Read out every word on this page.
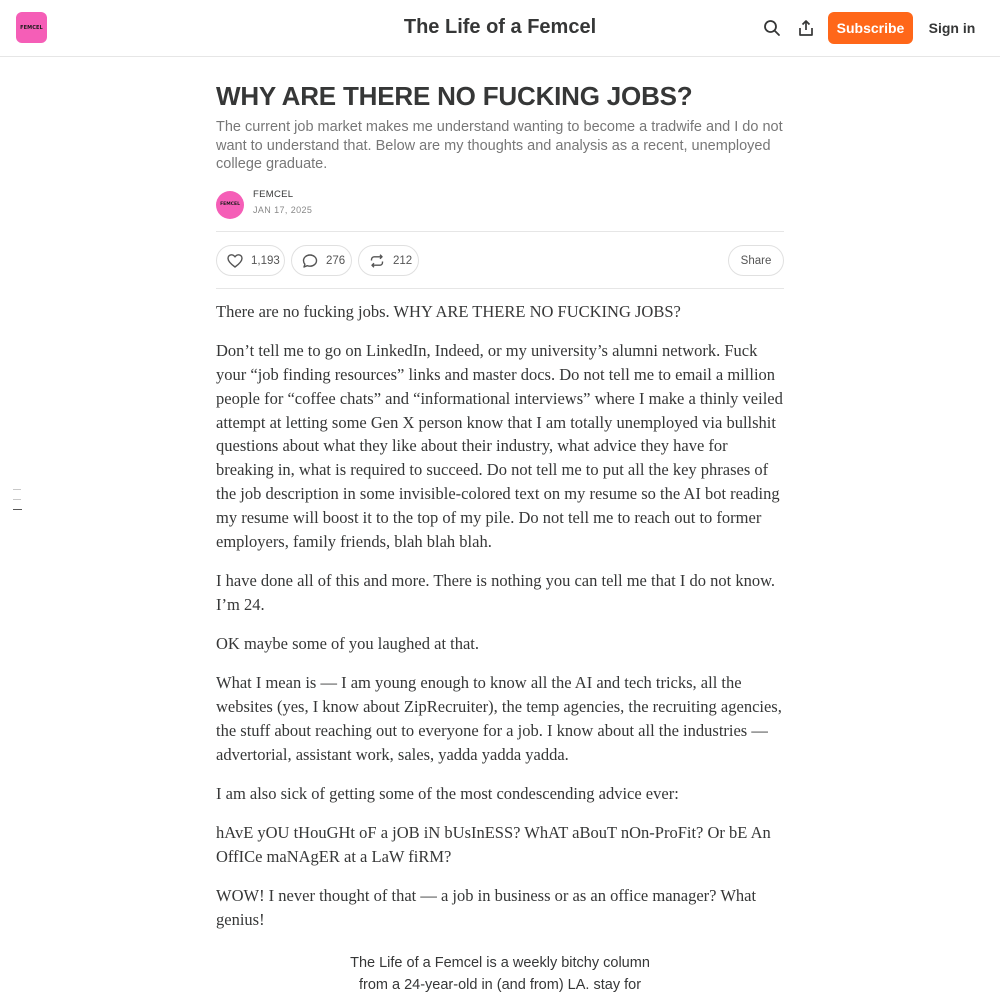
FEMCEL	The Life of a Femcel	Subscribe	Sign in
WHY ARE THERE NO FUCKING JOBS?
The current job market makes me understand wanting to become a tradwife and I do not want to understand that. Below are my thoughts and analysis as a recent, unemployed college graduate.
FEMCEL
FEMCEL
JAN 17, 2025
1,193	276	212	Share

There are no fucking jobs. WHY ARE THERE NO FUCKING JOBS?

Don’t tell me to go on LinkedIn, Indeed, or my university’s alumni network. Fuck your “job finding resources” links and master docs. Do not tell me to email a million people for “coffee chats” and “informational interviews” where I make a thinly veiled attempt at letting some Gen X person know that I am totally unemployed via bullshit questions about what they like about their industry, what advice they have for breaking in, what is required to succeed. Do not tell me to put all the key phrases of the job description in some invisible-colored text on my resume so the AI bot reading my resume will boost it to the top of my pile. Do not tell me to reach out to former employers, family friends, blah blah blah.

I have done all of this and more. There is nothing you can tell me that I do not know. I’m 24.

OK maybe some of you laughed at that.

What I mean is — I am young enough to know all the AI and tech tricks, all the websites (yes, I know about ZipRecruiter), the temp agencies, the recruiting agencies, the stuff about reaching out to everyone for a job. I know about all the industries — advertorial, assistant work, sales, yadda yadda yadda.

I am also sick of getting some of the most condescending advice ever:

hAvE yOU tHouGHt oF a jOB iN bUsInESS? WhAT aBouT nOn-ProFit? Or bE An OffICe maNAgER at a LaW fiRM?

WOW! I never thought of that — a job in business or as an office manager? What genius!

The Life of a Femcel is a weekly bitchy column
from a 24-year-old in (and from) LA. stay for
